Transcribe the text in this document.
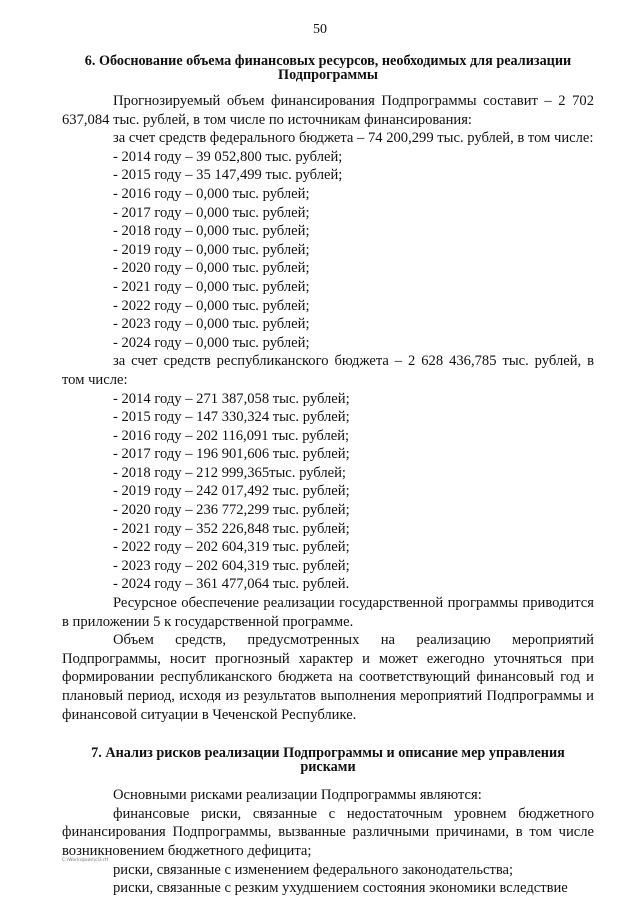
50

6. Обоснование объема финансовых ресурсов, необходимых для реализации Подпрограммы

Прогнозируемый объем финансирования Подпрограммы составит – 2 702 637,084 тыс. рублей, в том числе по источникам финансирования:

за счет средств федерального бюджета – 74 200,299 тыс. рублей, в том числе:

- 2014 году – 39 052,800 тыс. рублей;

- 2015 году – 35 147,499 тыс. рублей;

- 2016 году – 0,000 тыс. рублей;

- 2017 году – 0,000 тыс. рублей;

- 2018 году – 0,000 тыс. рублей;

- 2019 году – 0,000 тыс. рублей;

- 2020 году – 0,000 тыс. рублей;

- 2021 году – 0,000 тыс. рублей;

- 2022 году – 0,000 тыс. рублей;

- 2023 году – 0,000 тыс. рублей;

- 2024 году – 0,000 тыс. рублей;

за счет средств республиканского бюджета – 2 628 436,785 тыс. рублей, в том числе:

- 2014 году – 271 387,058 тыс. рублей;

- 2015 году – 147 330,324 тыс. рублей;

- 2016 году – 202 116,091 тыс. рублей;

- 2017 году – 196 901,606 тыс. рублей;

- 2018 году – 212 999,365тыс. рублей;

- 2019 году – 242 017,492 тыс. рублей;

- 2020 году – 236 772,299 тыс. рублей;

- 2021 году – 352 226,848 тыс. рублей;

- 2022 году – 202 604,319 тыс. рублей;

- 2023 году – 202 604,319 тыс. рублей;

- 2024 году – 361 477,064 тыс. рублей.

Ресурсное обеспечение реализации государственной программы приводится в приложении 5 к государственной программе.

Объем средств, предусмотренных на реализацию мероприятий Подпрограммы, носит прогнозный характер и может ежегодно уточняться при формировании республиканского бюджета на соответствующий финансовый год и плановый период, исходя из результатов выполнения мероприятий Подпрограммы и финансовой ситуации в Чеченской Республике.

7. Анализ рисков реализации Подпрограммы и описание мер управления рисками

Основными рисками реализации Подпрограммы являются:

финансовые риски, связанные с недостаточным уровнем бюджетного финансирования Подпрограммы, вызванные различными причинами, в том числе возникновением бюджетного дефицита;

риски, связанные с изменением федерального законодательства;

риски, связанные с резким ухудшением состояния экономики вследствие

C:\Work\файл\cl3.rtf
